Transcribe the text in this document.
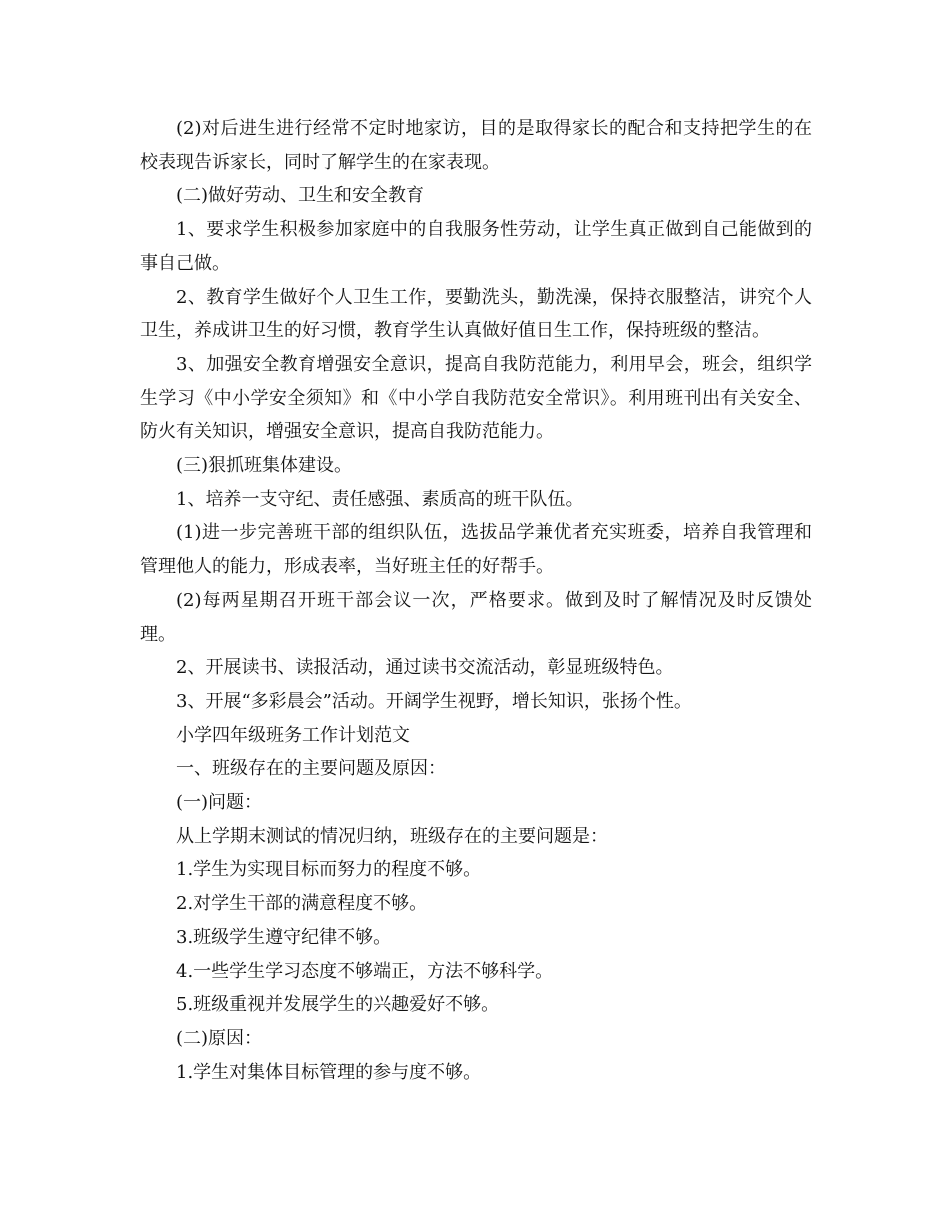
(2)对后进生进行经常不定时地家访，目的是取得家长的配合和支持把学生的在校表现告诉家长，同时了解学生的在家表现。

(二)做好劳动、卫生和安全教育

1、要求学生积极参加家庭中的自我服务性劳动，让学生真正做到自己能做到的事自己做。

2、教育学生做好个人卫生工作，要勤洗头，勤洗澡，保持衣服整洁，讲究个人卫生，养成讲卫生的好习惯，教育学生认真做好值日生工作，保持班级的整洁。

3、加强安全教育增强安全意识，提高自我防范能力，利用早会，班会，组织学生学习《中小学安全须知》和《中小学自我防范安全常识》。利用班刊出有关安全、防火有关知识，增强安全意识，提高自我防范能力。

(三)狠抓班集体建设。

1、培养一支守纪、责任感强、素质高的班干队伍。

(1)进一步完善班干部的组织队伍，选拔品学兼优者充实班委，培养自我管理和管理他人的能力，形成表率，当好班主任的好帮手。

(2)每两星期召开班干部会议一次，严格要求。做到及时了解情况及时反馈处理。

2、开展读书、读报活动，通过读书交流活动，彰显班级特色。

3、开展“多彩晨会”活动。开阔学生视野，增长知识，张扬个性。

小学四年级班务工作计划范文

一、班级存在的主要问题及原因：

(一)问题：

从上学期末测试的情况归纳，班级存在的主要问题是：

1.学生为实现目标而努力的程度不够。

2.对学生干部的满意程度不够。

3.班级学生遵守纪律不够。

4.一些学生学习态度不够端正，方法不够科学。

5.班级重视并发展学生的兴趣爱好不够。

(二)原因：

1.学生对集体目标管理的参与度不够。
